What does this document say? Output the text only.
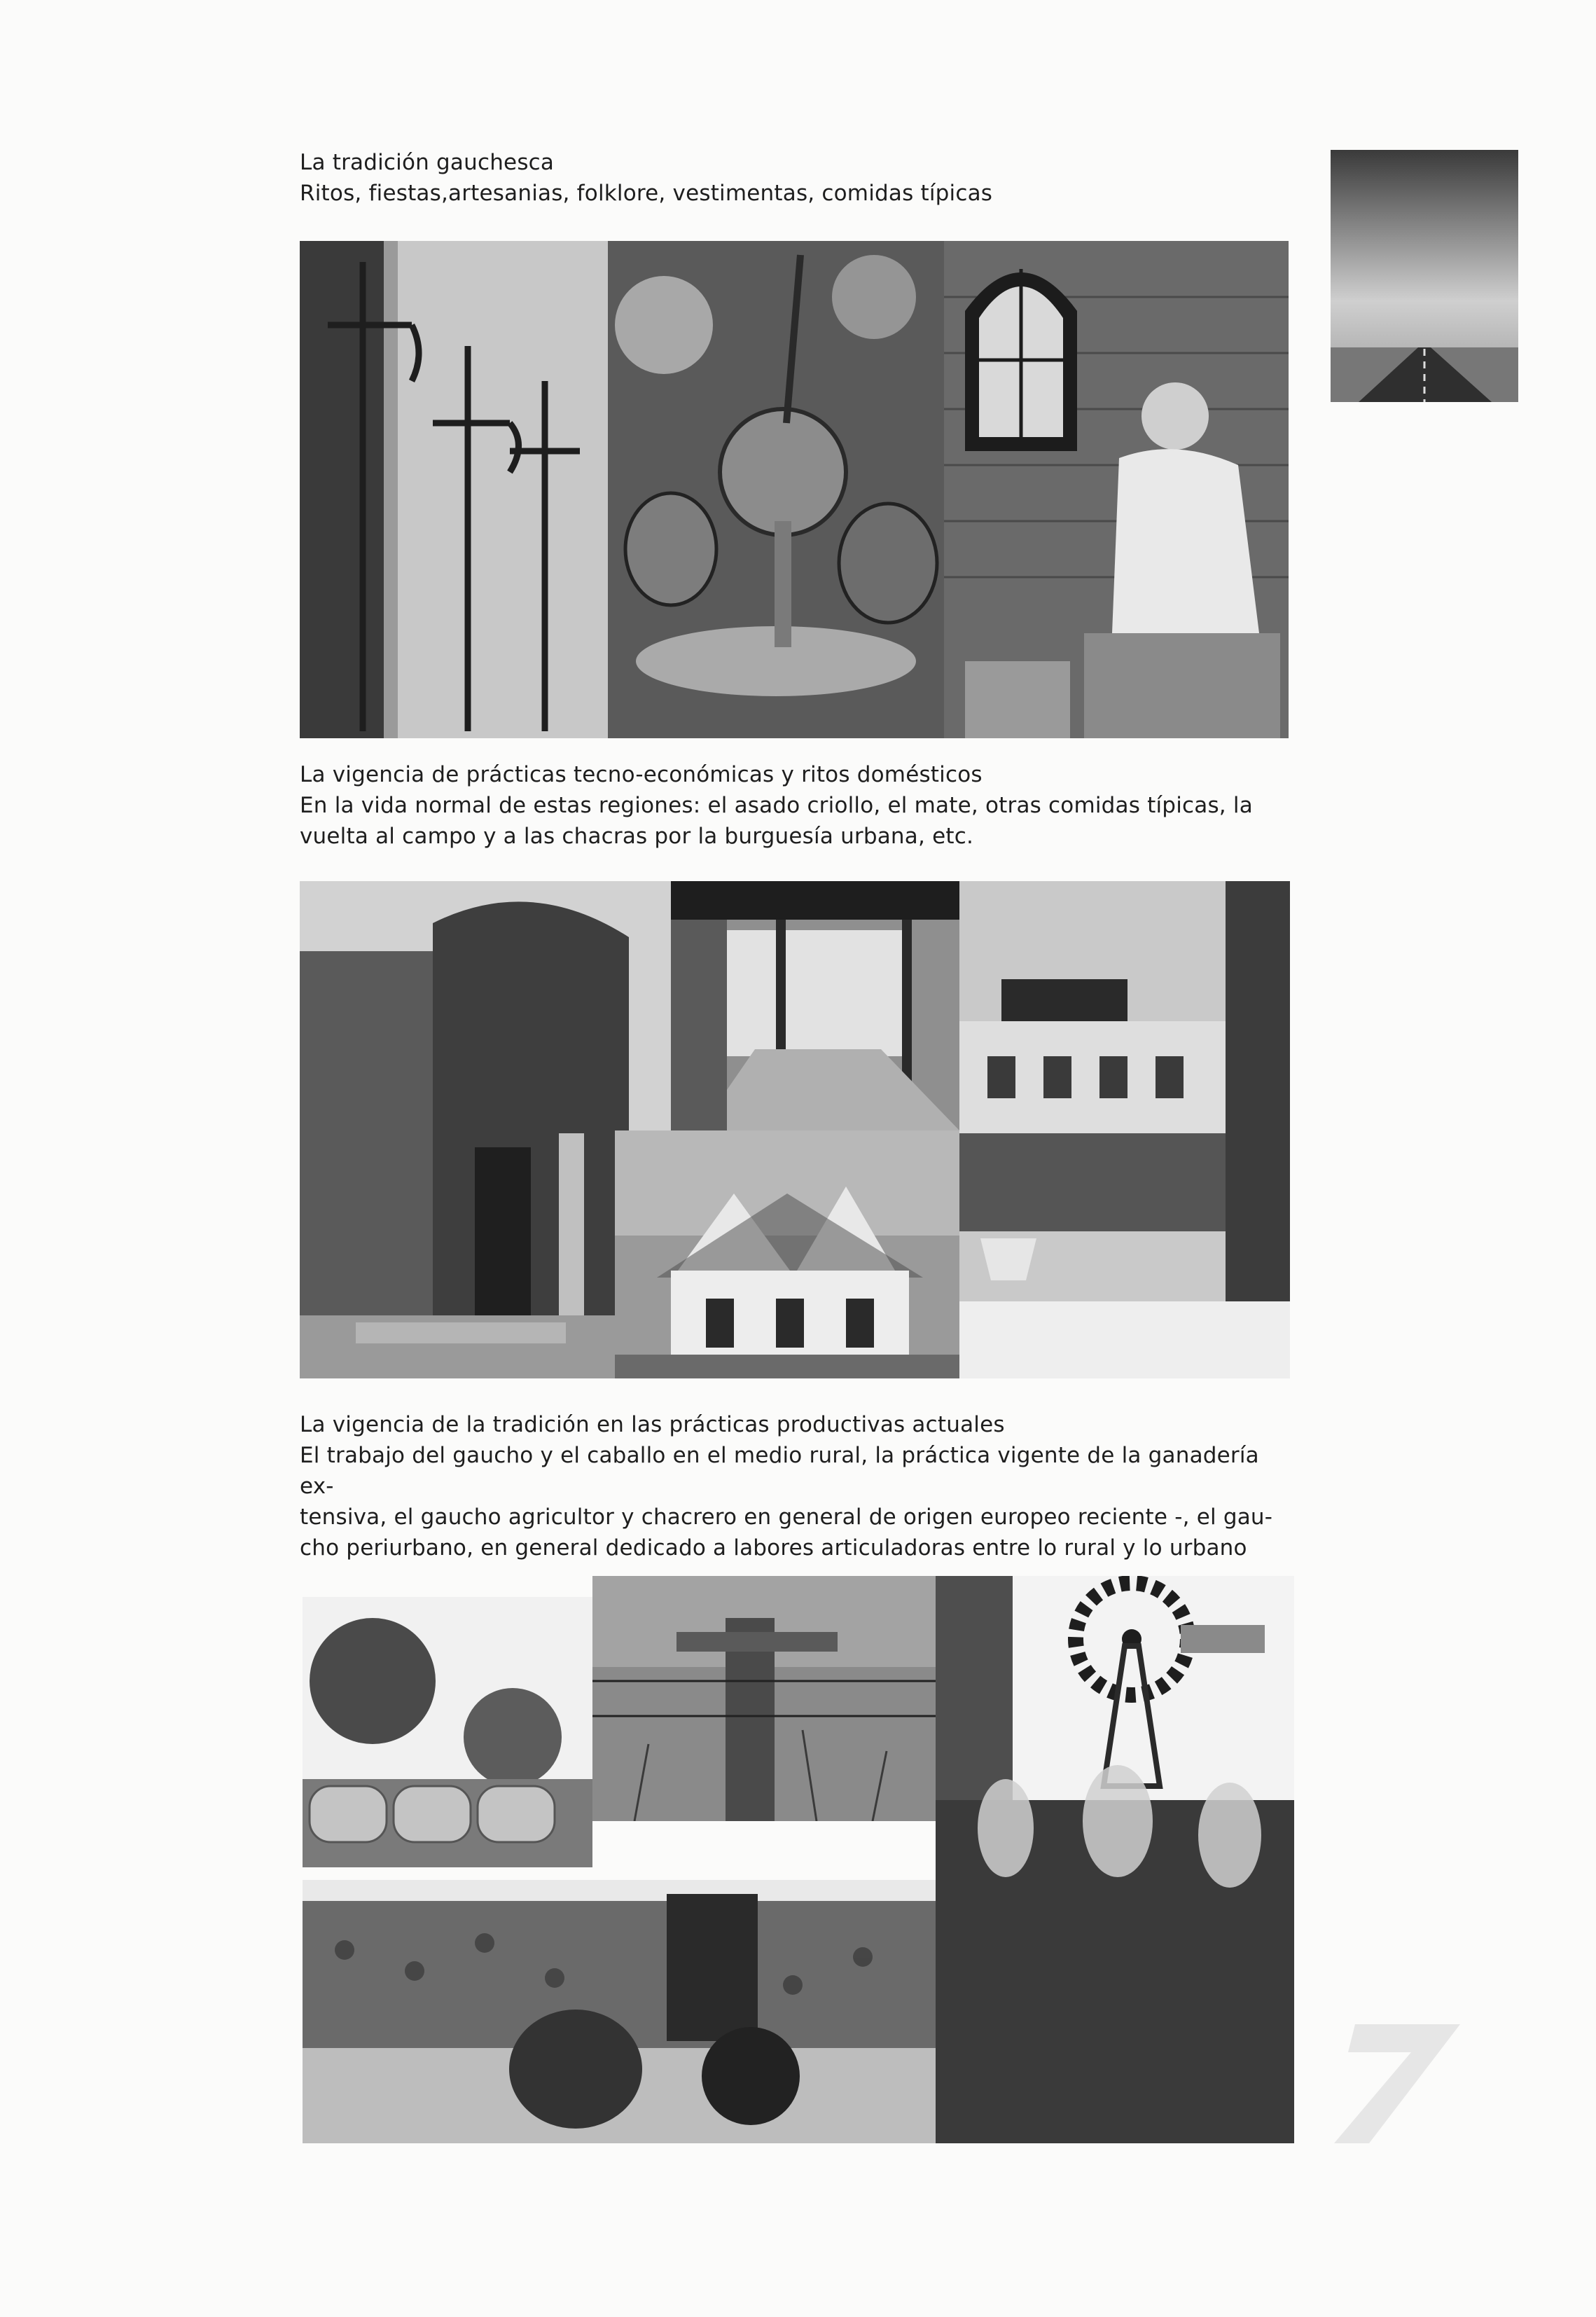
La tradición gauchesca

Ritos, fiestas,artesanias, folklore, vestimentas, comidas típicas

La vigencia de prácticas tecno-económicas y ritos domésticos

En la vida normal de estas regiones: el asado criollo, el mate, otras comidas típicas, la

vuelta al campo y a las chacras por la burguesía urbana, etc.

La vigencia de la tradición en las prácticas productivas actuales

El trabajo del gaucho y el caballo en el medio rural, la práctica vigente de la ganadería ex-

tensiva, el gaucho agricultor y chacrero en general de origen europeo reciente -, el gau-

cho periurbano, en general dedicado a labores articuladoras entre lo rural y lo urbano

7
